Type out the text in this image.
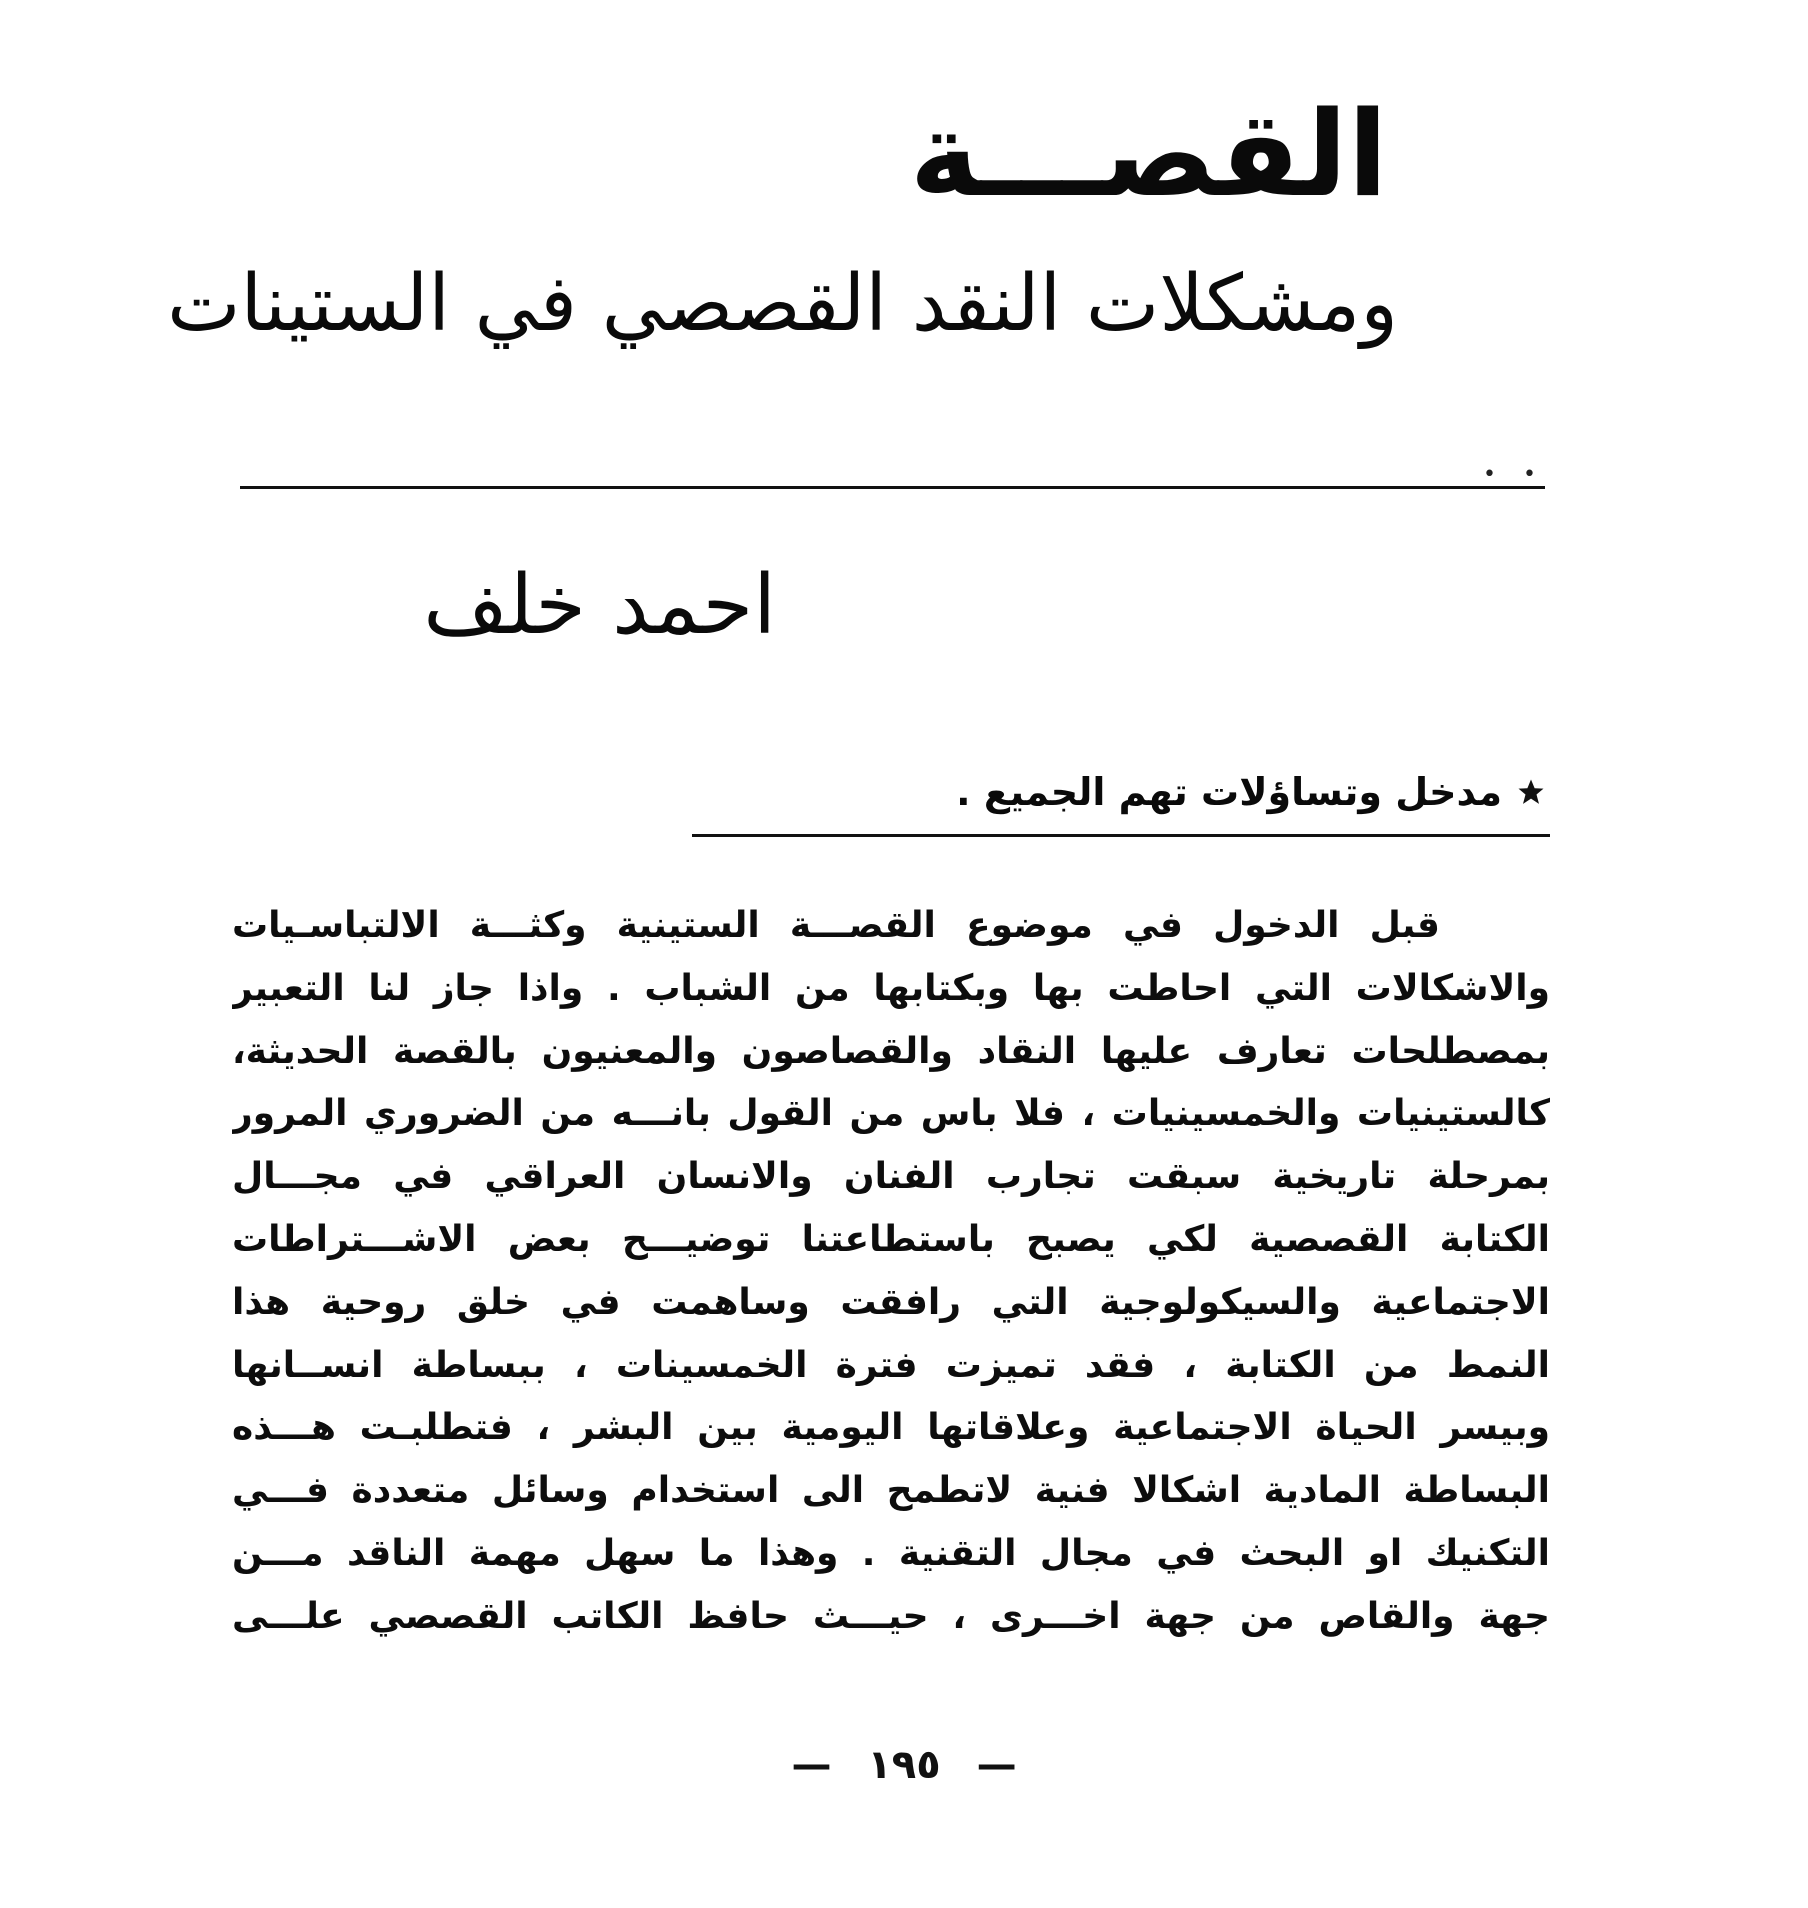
القصـــة
ومشكلات النقد القصصي في الستينات
• •
احمد خلف
مدخل وتساؤلات تهم الجميع .
قبل الدخول في موضوع القصـــة الستينية وكثـــة الالتباسـيات
والاشكالات التي احاطت بها وبكتابها من الشباب . واذا جاز لنا التعبير
بمصطلحات تعارف عليها النقاد والقصاصون والمعنيون بالقصة الحديثة،
كالستينيات والخمسينيات ، فلا باس من القول بانـــه من الضروري المرور
بمرحلة تاريخية سبقت تجارب الفنان والانسان العراقي في مجـــال
الكتابة القصصية لكي يصبح باستطاعتنا توضيـــح بعض الاشـــتراطات
الاجتماعية والسيكولوجية التي رافقت وساهمت في خلق روحية هذا
النمط من الكتابة ، فقد تميزت فترة الخمسينات ، ببساطة انســانها
وبيسر الحياة الاجتماعية وعلاقاتها اليومية بين البشر ، فتطلبـت هـــذه
البساطة المادية اشكالا فنية لاتطمح الى استخدام وسائل متعددة فـــي
التكنيك او البحث في مجال التقنية . وهذا ما سهل مهمة الناقد مـــن
جهة والقاص من جهة اخـــرى ، حيـــث حافظ الكاتب القصصي علـــى
— ١٩٥ —
